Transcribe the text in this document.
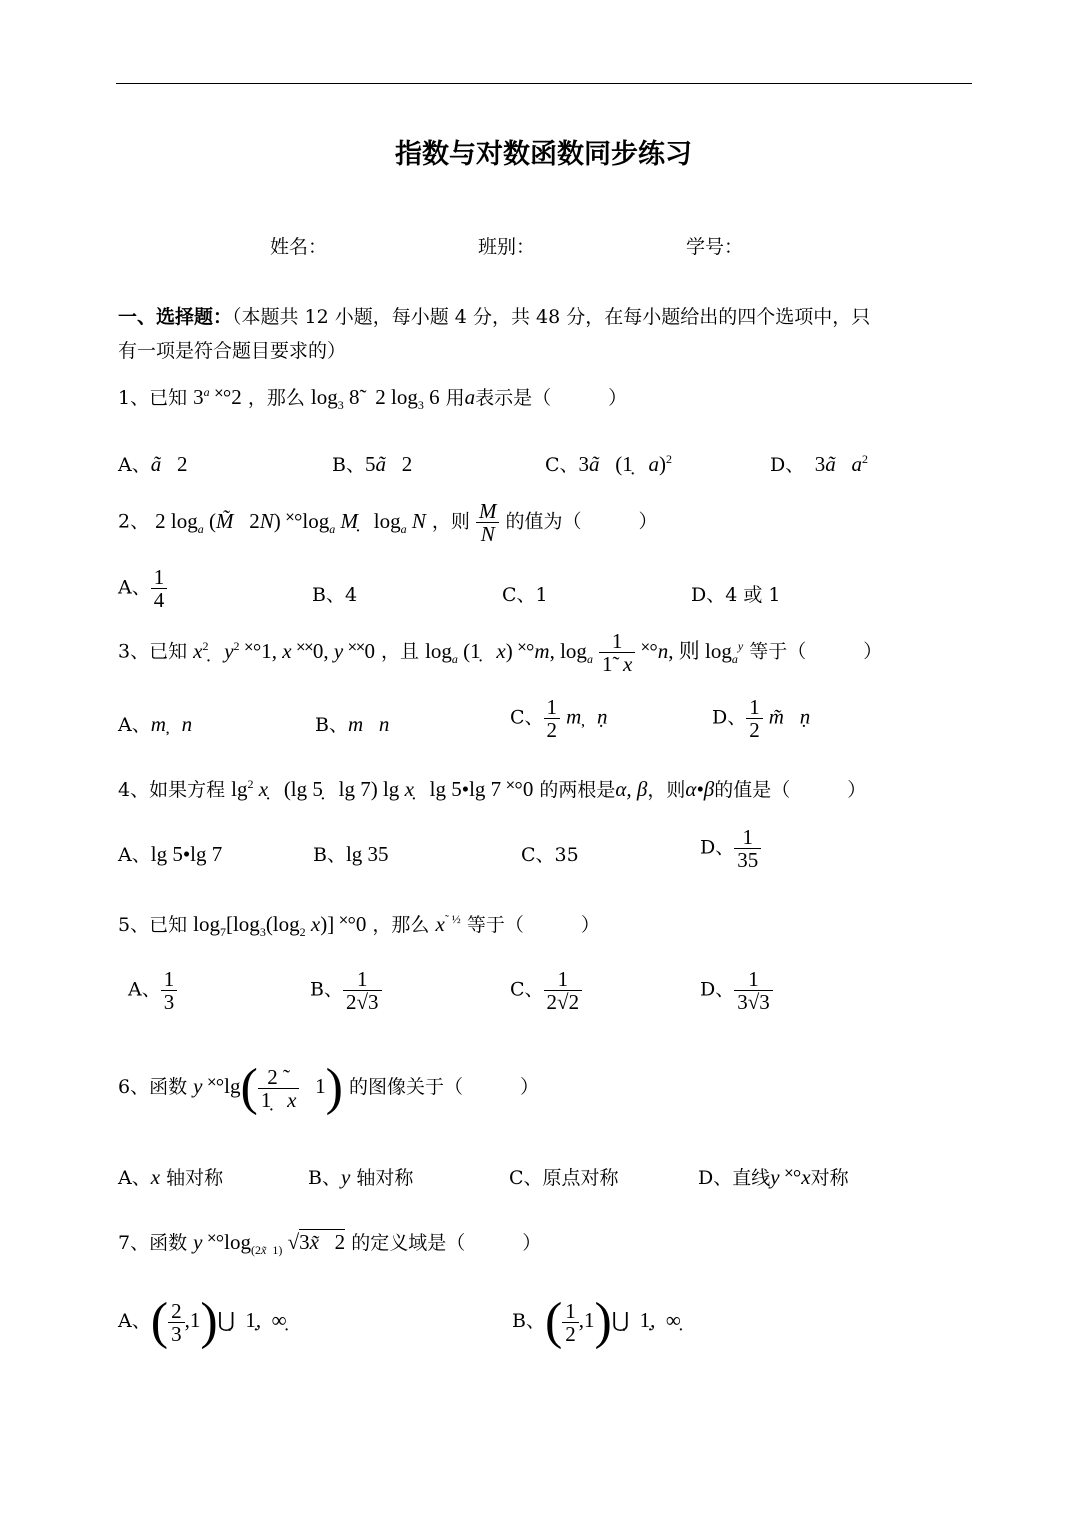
指数与对数函数同步练习
姓名：	班别：	学号：
一、选择题：（本题共 12 小题，每小题 4 分，共 48 分，在每小题给出的四个选项中，只
有一项是符合题目要求的）
1、已知 3$^a$ ˟°2 ，那么 $\log_3$ 8̃   2 $\log_3 6$ 用a表示是（　　　）
A、ã   2	B、5ã   2	C、3ã   (1̣   a)$^2$	D、  3ã $a^2$
2、 2 $\log_a$ (M̃   2N) $˟^\circ\log_a$ Ṃ   $\log_a N$ ，则 $\frac{M}{N}$ 的值为（　　　）
A、 $\frac{1}{4}$	B、4	C、1	D、4 或 1
3、已知 $x^2̣$   $y^2$ ˟°1, x ˟˟0, y ˟˟0 ，且 $\log_a$ (1̣   x) ˟°m, $\log_a \frac{1}{1̃ x}$ ˟°n, 则 $\log_a^y$ 等于（　　　）
A、m̦   n	B、m   n	C、 $\frac{1}{2}$ m̦   ṇ	D、 $\frac{1}{2}$ m̃   ṇ
4、如果方程 $\lg^2$ x̣   (lg 5̣   lg 7) lg x̣   lg 5•lg 7 ˟°0 的两根是α, β，则α•β的值是（　　　）
A、lg 5•lg 7	B、lg 35	C、35	D、 $\frac{1}{35}$
5、已知 $\log_7[\log_3(\log_2$ x)] ˟°0 ，那么 $x^{˜ \frac{1}{2}}$ 等于（　　　）
A、 $\frac{1}{3}$	B、 $\frac{1}{2√3}$	C、 $\frac{1}{2√2}$	D、 $\frac{1}{3√3}$
6、函数 y ˟°lg( $\frac{2 ˜}{1̣ x} 1$) 的图像关于（　　　）
A、x 轴对称	B、y 轴对称	C、原点对称	D、直线y ˟°x对称
7、函数 y $˟^\circ\log_{(2x̃ 1)}$ √3x̃   2 的定义域是（　　　）
A、( $\frac{2}{3}$ ,1)⋃̣  1̣,  ∞̣	B、( $\frac{1}{2}$ ,1)⋃̣  1̣,  ∞̣
